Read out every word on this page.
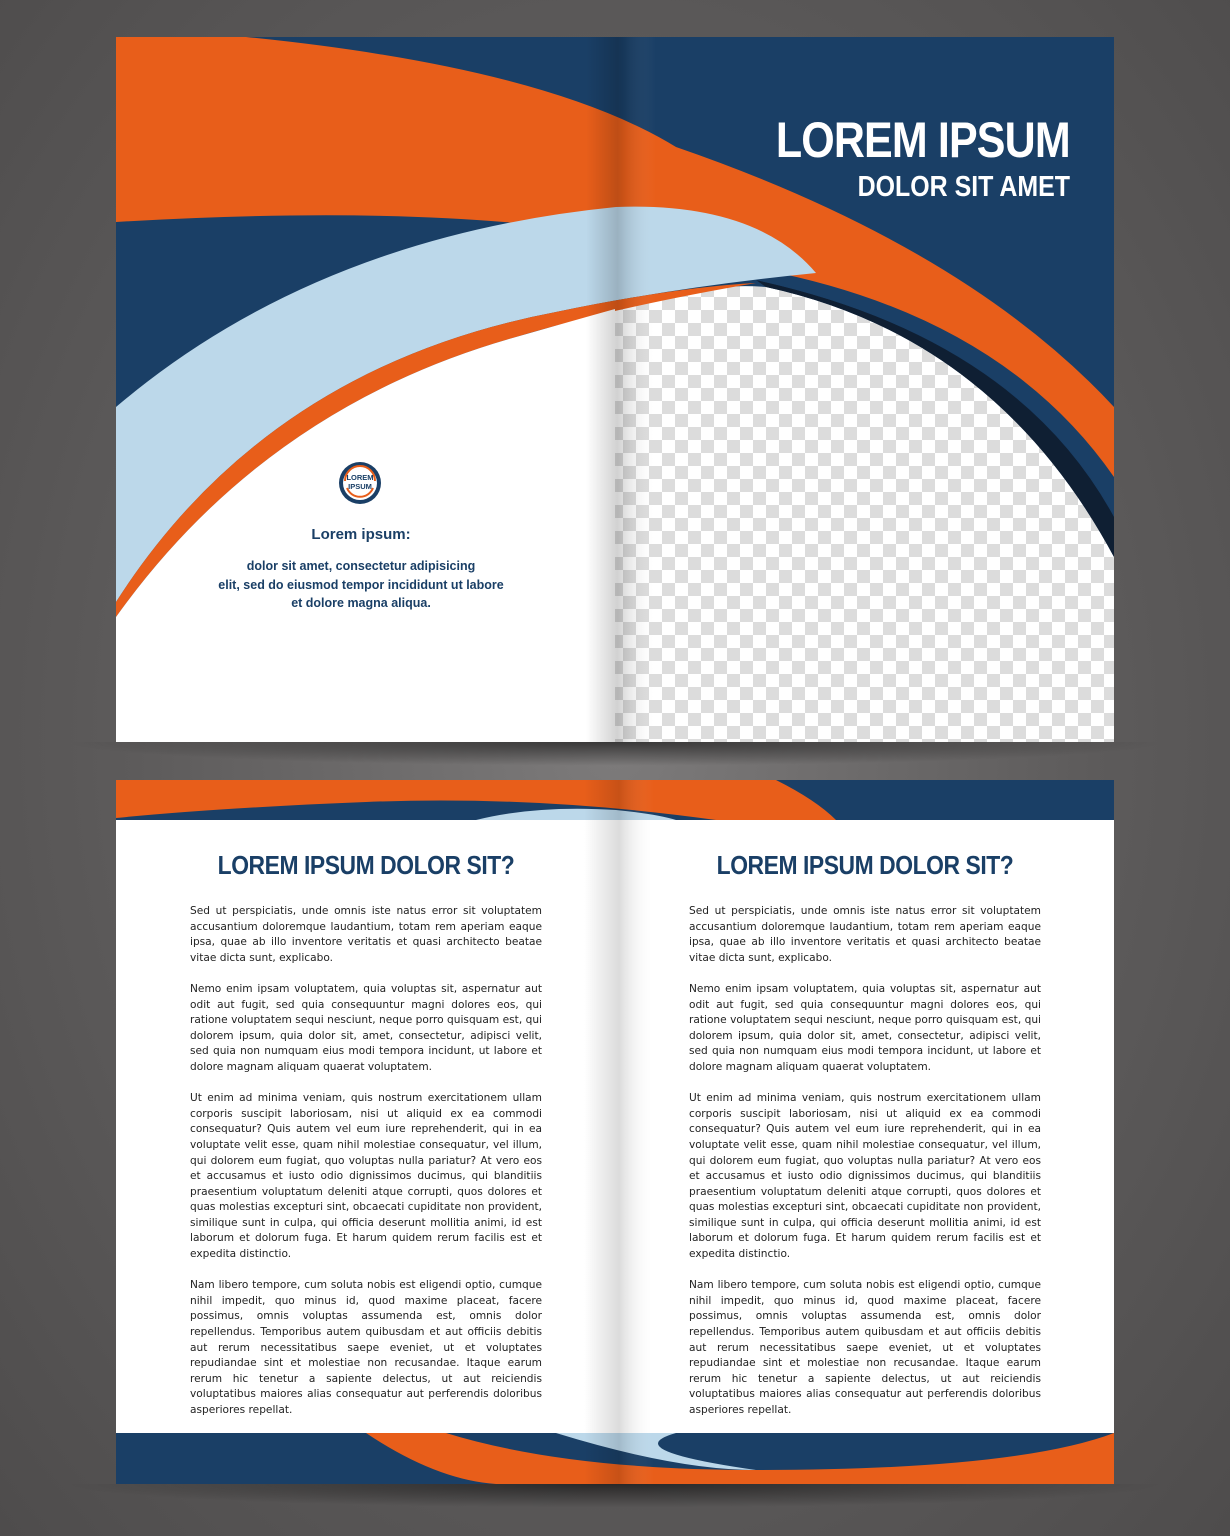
LOREM IPSUM
DOLOR SIT AMET
LOREM
IPSUM
Lorem ipsum:
dolor sit amet, consectetur adipisicing
elit, sed do eiusmod tempor incididunt ut labore
et dolore magna aliqua.
LOREM IPSUM DOLOR SIT?

Sed ut perspiciatis, unde omnis iste natus error sit voluptatem accusantium doloremque laudantium, totam rem aperiam eaque ipsa, quae ab illo inventore veritatis et quasi architecto beatae vitae dicta sunt, explicabo.

Nemo enim ipsam voluptatem, quia voluptas sit, aspernatur aut odit aut fugit, sed quia consequuntur magni dolores eos, qui ratione voluptatem sequi nesciunt, neque porro quisquam est, qui dolorem ipsum, quia dolor sit, amet, consectetur, adipisci velit, sed quia non numquam eius modi tempora incidunt, ut labore et dolore magnam aliquam quaerat voluptatem.

Ut enim ad minima veniam, quis nostrum exercitationem ullam corporis suscipit laboriosam, nisi ut aliquid ex ea commodi consequatur? Quis autem vel eum iure reprehenderit, qui in ea voluptate velit esse, quam nihil molestiae consequatur, vel illum, qui dolorem eum fugiat, quo voluptas nulla pariatur? At vero eos et accusamus et iusto odio dignissimos ducimus, qui blanditiis praesentium voluptatum deleniti atque corrupti, quos dolores et quas molestias excepturi sint, obcaecati cupiditate non provident, similique sunt in culpa, qui officia deserunt mollitia animi, id est laborum et dolorum fuga. Et harum quidem rerum facilis est et expedita distinctio.

Nam libero tempore, cum soluta nobis est eligendi optio, cumque nihil impedit, quo minus id, quod maxime placeat, facere possimus, omnis voluptas assumenda est, omnis dolor repellendus. Temporibus autem quibusdam et aut officiis debitis aut rerum necessitatibus saepe eveniet, ut et voluptates repudiandae sint et molestiae non recusandae. Itaque earum rerum hic tenetur a sapiente delectus, ut aut reiciendis voluptatibus maiores alias consequatur aut perferendis doloribus asperiores repellat.

LOREM IPSUM DOLOR SIT?

Sed ut perspiciatis, unde omnis iste natus error sit voluptatem accusantium doloremque laudantium, totam rem aperiam eaque ipsa, quae ab illo inventore veritatis et quasi architecto beatae vitae dicta sunt, explicabo.

Nemo enim ipsam voluptatem, quia voluptas sit, aspernatur aut odit aut fugit, sed quia consequuntur magni dolores eos, qui ratione voluptatem sequi nesciunt, neque porro quisquam est, qui dolorem ipsum, quia dolor sit, amet, consectetur, adipisci velit, sed quia non numquam eius modi tempora incidunt, ut labore et dolore magnam aliquam quaerat voluptatem.

Ut enim ad minima veniam, quis nostrum exercitationem ullam corporis suscipit laboriosam, nisi ut aliquid ex ea commodi consequatur? Quis autem vel eum iure reprehenderit, qui in ea voluptate velit esse, quam nihil molestiae consequatur, vel illum, qui dolorem eum fugiat, quo voluptas nulla pariatur? At vero eos et accusamus et iusto odio dignissimos ducimus, qui blanditiis praesentium voluptatum deleniti atque corrupti, quos dolores et quas molestias excepturi sint, obcaecati cupiditate non provident, similique sunt in culpa, qui officia deserunt mollitia animi, id est laborum et dolorum fuga. Et harum quidem rerum facilis est et expedita distinctio.

Nam libero tempore, cum soluta nobis est eligendi optio, cumque nihil impedit, quo minus id, quod maxime placeat, facere possimus, omnis voluptas assumenda est, omnis dolor repellendus. Temporibus autem quibusdam et aut officiis debitis aut rerum necessitatibus saepe eveniet, ut et voluptates repudiandae sint et molestiae non recusandae. Itaque earum rerum hic tenetur a sapiente delectus, ut aut reiciendis voluptatibus maiores alias consequatur aut perferendis doloribus asperiores repellat.
